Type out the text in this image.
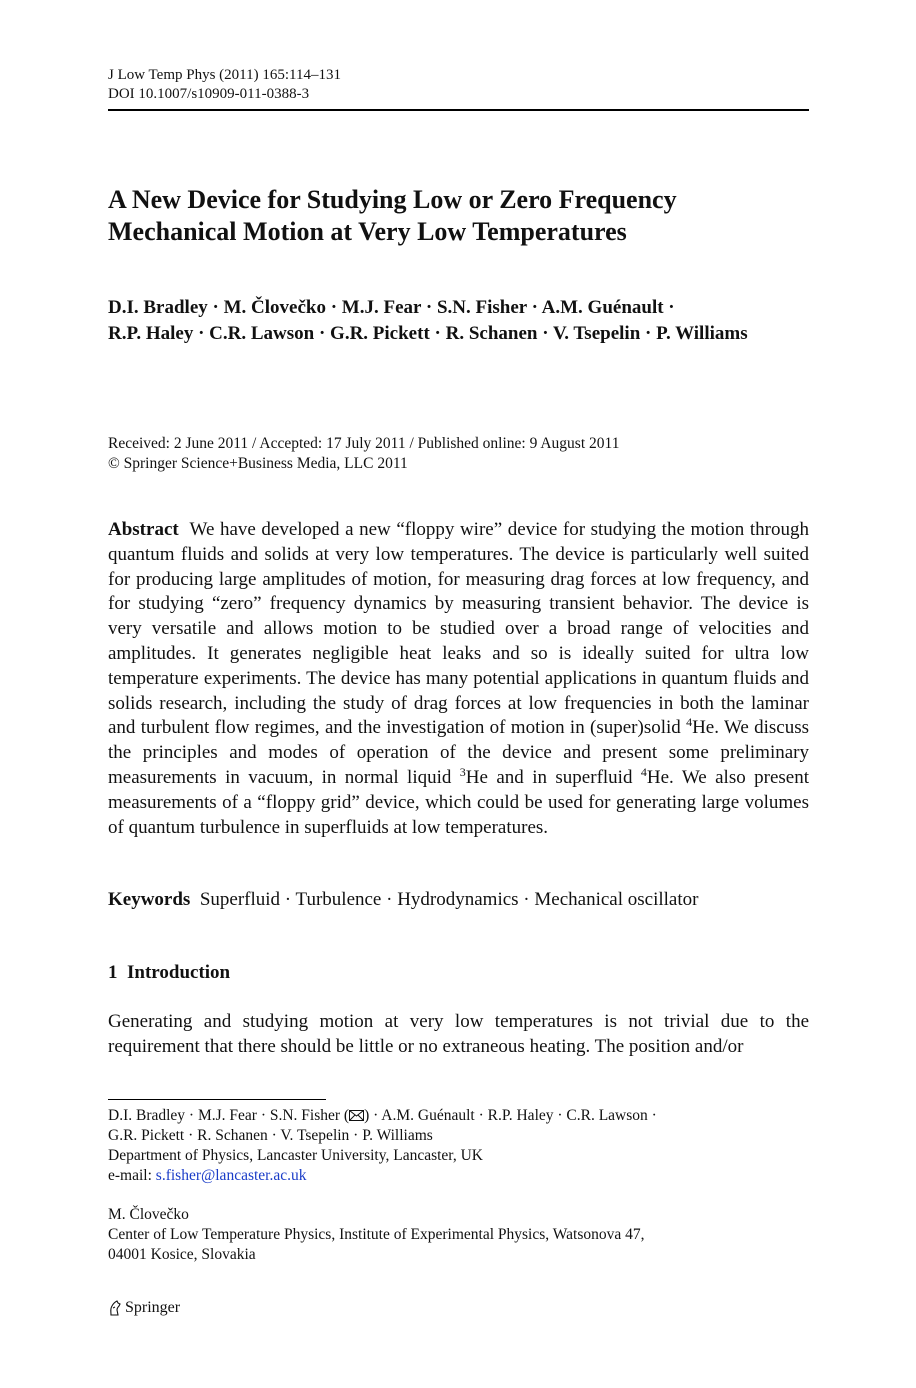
J Low Temp Phys (2011) 165:114–131
DOI 10.1007/s10909-011-0388-3
A New Device for Studying Low or Zero Frequency
Mechanical Motion at Very Low Temperatures
D.I. Bradley · M. Človečko · M.J. Fear · S.N. Fisher · A.M. Guénault ·
R.P. Haley · C.R. Lawson · G.R. Pickett · R. Schanen · V. Tsepelin · P. Williams
Received: 2 June 2011 / Accepted: 17 July 2011 / Published online: 9 August 2011
© Springer Science+Business Media, LLC 2011
Abstract We have developed a new “floppy wire” device for studying the motion through quantum fluids and solids at very low temperatures. The device is particularly well suited for producing large amplitudes of motion, for measuring drag forces at low frequency, and for studying “zero” frequency dynamics by measuring transient behavior. The device is very versatile and allows motion to be studied over a broad range of velocities and amplitudes. It generates negligible heat leaks and so is ideally suited for ultra low temperature experiments. The device has many potential applications in quantum fluids and solids research, including the study of drag forces at low frequencies in both the laminar and turbulent flow regimes, and the investigation of motion in (super)solid $^4$He. We discuss the principles and modes of operation of the device and present some preliminary measurements in vacuum, in normal liquid $^3$He and in superfluid $^4$He. We also present measurements of a “floppy grid” device, which could be used for generating large volumes of quantum turbulence in superfluids at low temperatures.
Keywords Superfluid · Turbulence · Hydrodynamics · Mechanical oscillator
1 Introduction
Generating and studying motion at very low temperatures is not trivial due to the requirement that there should be little or no extraneous heating. The position and/or
D.I. Bradley · M.J. Fear · S.N. Fisher ( ) · A.M. Guénault · R.P. Haley · C.R. Lawson ·
G.R. Pickett · R. Schanen · V. Tsepelin · P. Williams
Department of Physics, Lancaster University, Lancaster, UK
e-mail: s.fisher@lancaster.ac.uk
M. Človečko
Center of Low Temperature Physics, Institute of Experimental Physics, Watsonova 47,
04001 Kosice, Slovakia
Springer
